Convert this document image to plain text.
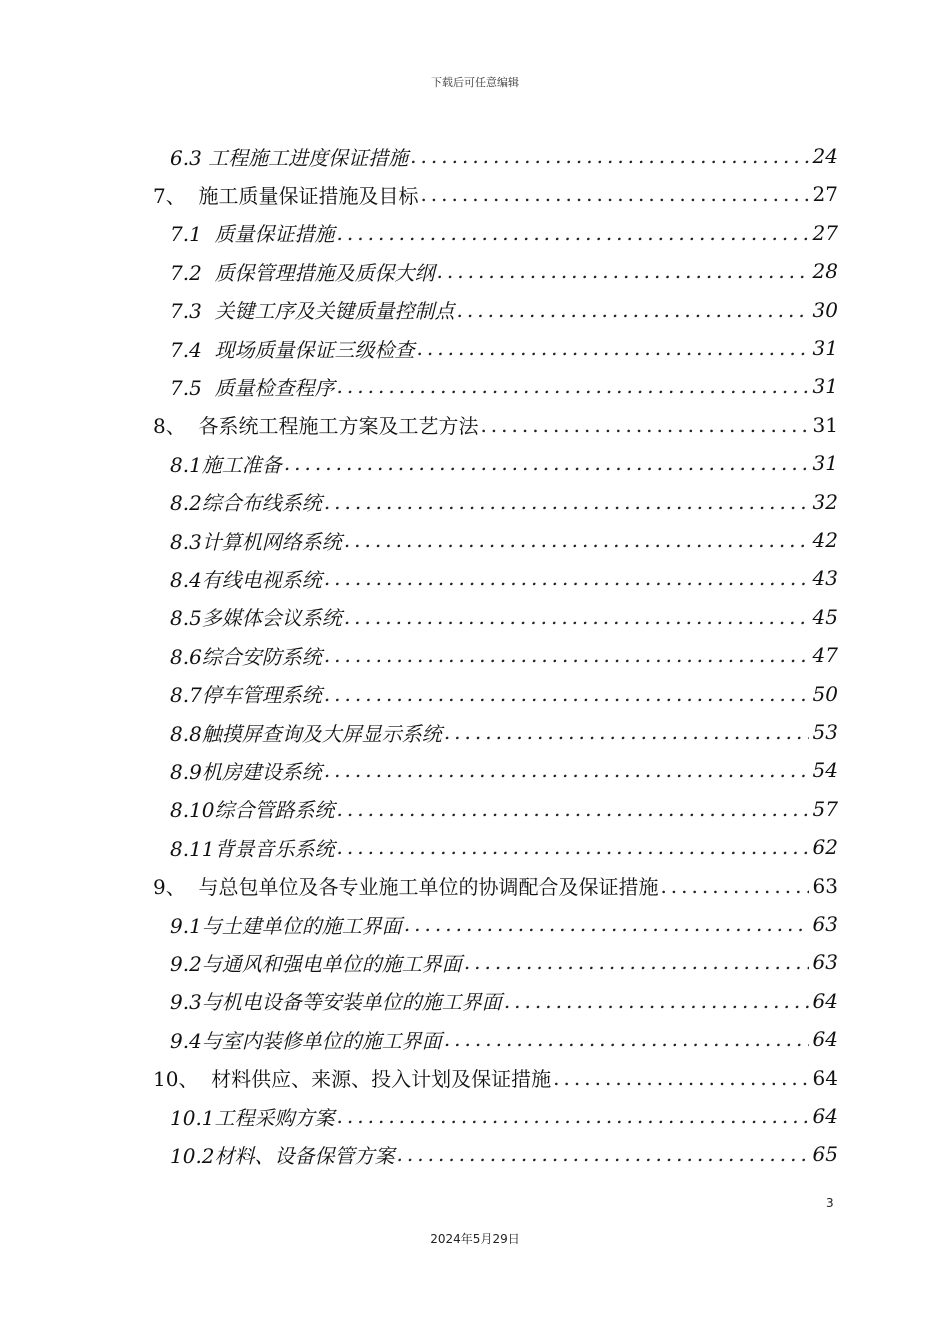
下载后可任意编辑
6.3 工程施工进度保证措施 .....	24
7、  施工质量保证措施及目标 .....	27
7.1  质量保证措施 .....	27
7.2  质保管理措施及质保大纲 .....	28
7.3  关键工序及关键质量控制点 .....	30
7.4  现场质量保证三级检查 .....	31
7.5  质量检查程序 .....	31
8、  各系统工程施工方案及工艺方法 .....	31
8.1施工准备 .....	31
8.2综合布线系统 .....	32
8.3计算机网络系统 .....	42
8.4有线电视系统 .....	43
8.5多媒体会议系统 .....	45
8.6综合安防系统 .....	47
8.7停车管理系统 .....	50
8.8触摸屏查询及大屏显示系统 .....	53
8.9机房建设系统 .....	54
8.10综合管路系统 .....	57
8.11背景音乐系统 .....	62
9、  与总包单位及各专业施工单位的协调配合及保证措施 .....	63
9.1与土建单位的施工界面 .....	63
9.2与通风和强电单位的施工界面 .....	63
9.3与机电设备等安装单位的施工界面 .....	64
9.4与室内装修单位的施工界面 .....	64
10、  材料供应、来源、投入计划及保证措施 .....	64
10.1工程采购方案 .....	64
10.2材料、设备保管方案 .....	65
3
2024年5月29日
